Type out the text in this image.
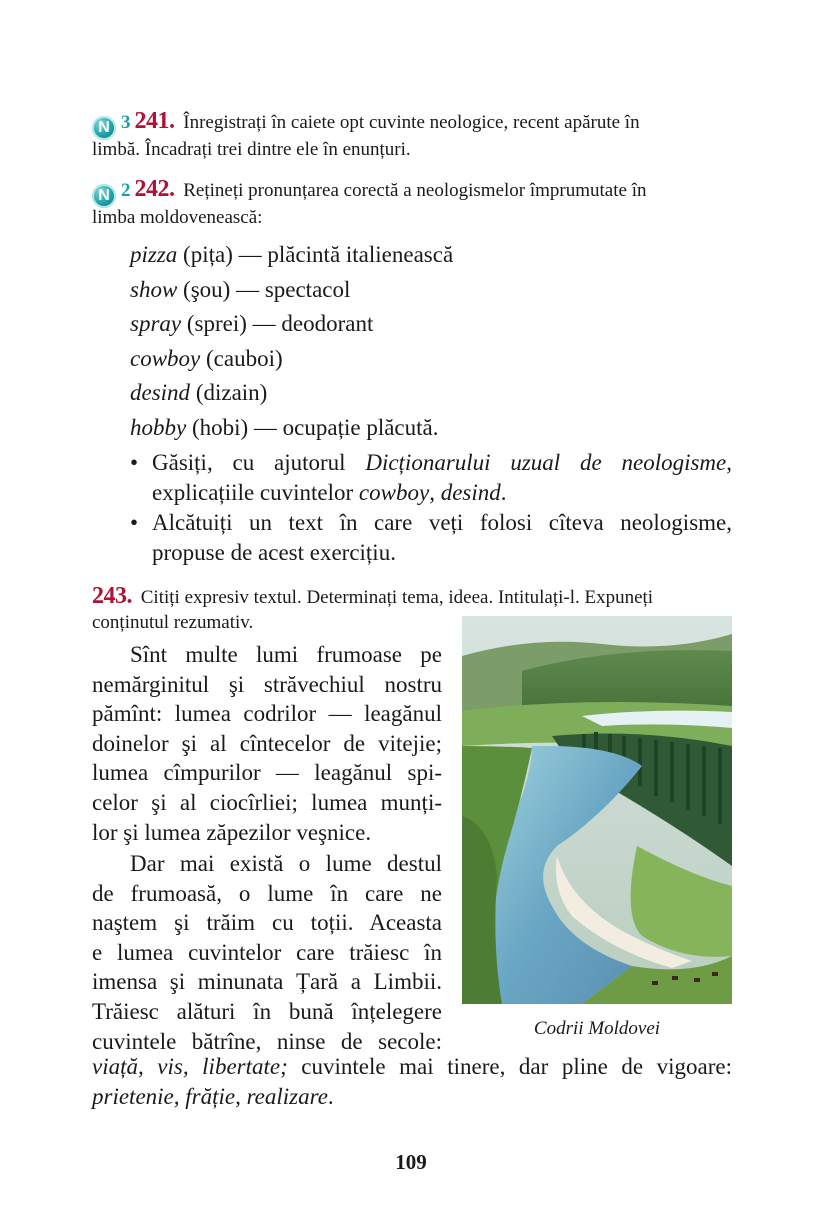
N 3 241. Înregistrați în caiete opt cuvinte neologice, recent apărute în
limbă. Încadrați trei dintre ele în enunțuri.
N 2 242. Rețineți pronunțarea corectă a neologismelor împrumutate în
limba moldovenească:
pizza (pița) — plăcintă italienească
show (şou) — spectacol
spray (sprei) — deodorant
cowboy (cauboi)
desind (dizain)
hobby (hobi) — ocupație plăcută.
• Găsiți, cu ajutorul Dicționarului uzual de neologisme,
explicațiile cuvintelor cowboy, desind.
• Alcătuiți un text în care veți folosi cîteva neologisme,
propuse de acest exercițiu.
243. Citiți expresiv textul. Determinați tema, ideea. Intitulați-l. Expuneți
conținutul rezumativ.
Sînt multe lumi frumoase pe
nemărginitul şi străvechiul nostru
pămînt: lumea codrilor — leagănul
doinelor şi al cîntecelor de vitejie;
lumea cîmpurilor — leagănul spi-
celor şi al ciocîrliei; lumea munți-
lor şi lumea zăpezilor veşnice.
Dar mai există o lume destul
de frumoasă, o lume în care ne
naştem şi trăim cu toții. Aceasta
e lumea cuvintelor care trăiesc în
imensa şi minunata Țară a Limbii.
Trăiesc alături în bună înțelegere
cuvintele bătrîne, ninse de secole:
viață, vis, libertate; cuvintele mai tinere, dar pline de vigoare:
prietenie, frăție, realizare.
Codrii Moldovei
109
